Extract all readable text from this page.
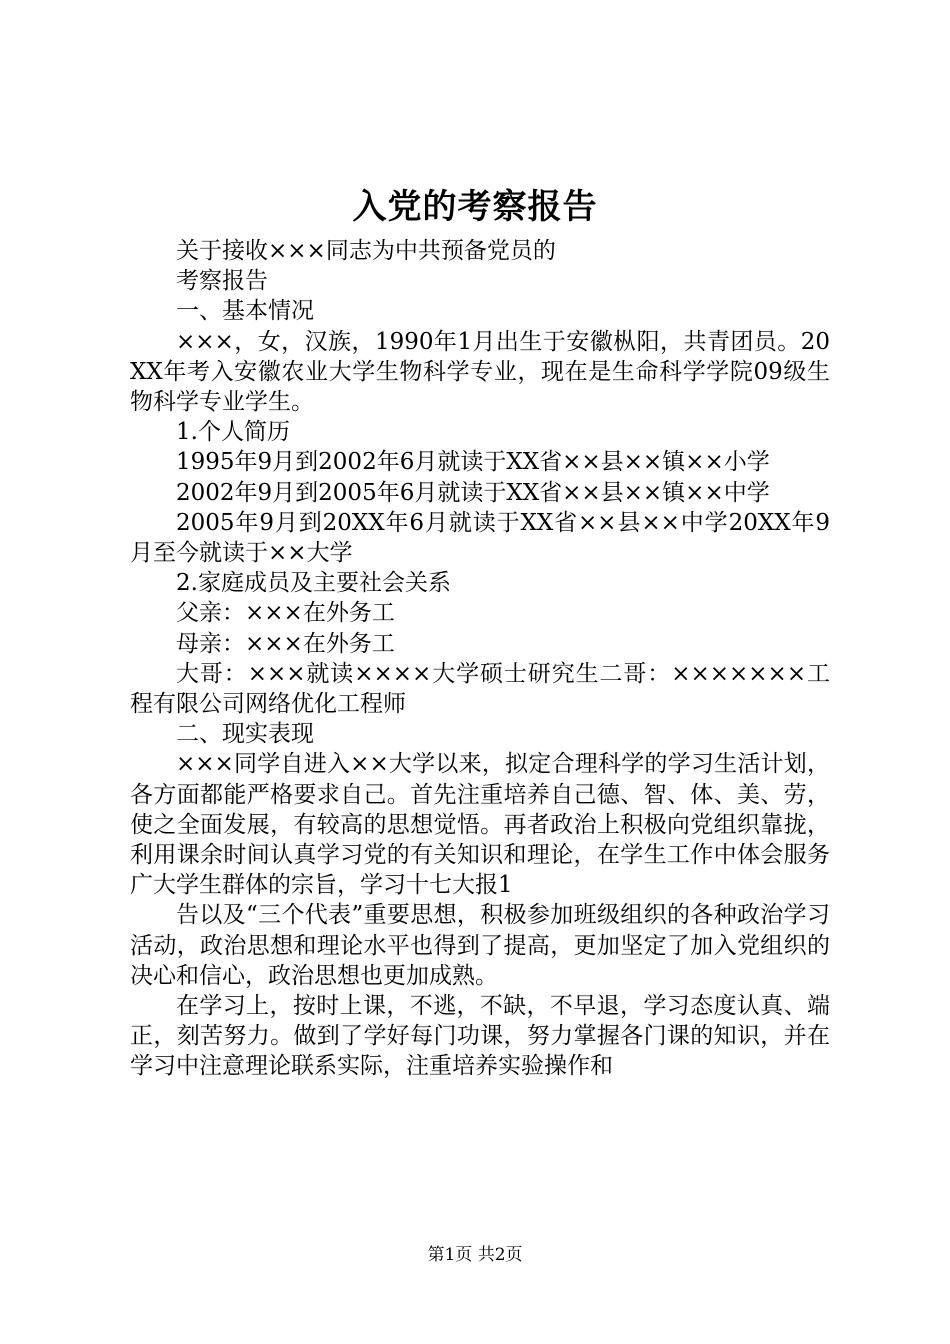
入党的考察报告

关于接收×××同志为中共预备党员的

考察报告

一、基本情况

×××，女，汉族，1990年1月出生于安徽枞阳，共青团员。20XX年考入安徽农业大学生物科学专业，现在是生命科学学院09级生物科学专业学生。

1.个人简历

1995年9月到2002年6月就读于XX省××县××镇××小学

2002年9月到2005年6月就读于XX省××县××镇××中学

2005年9月到20XX年6月就读于XX省××县××中学20XX年9月至今就读于××大学

2.家庭成员及主要社会关系

父亲：×××在外务工

母亲：×××在外务工

大哥：×××就读××××大学硕士研究生二哥：×××××××工程有限公司网络优化工程师

二、现实表现

×××同学自进入××大学以来，拟定合理科学的学习生活计划，各方面都能严格要求自己。首先注重培养自己德、智、体、美、劳，使之全面发展，有较高的思想觉悟。再者政治上积极向党组织靠拢，利用课余时间认真学习党的有关知识和理论，在学生工作中体会服务广大学生群体的宗旨，学习十七大报1

告以及“三个代表”重要思想，积极参加班级组织的各种政治学习活动，政治思想和理论水平也得到了提高，更加坚定了加入党组织的决心和信心，政治思想也更加成熟。

在学习上，按时上课，不逃，不缺，不早退，学习态度认真、端正，刻苦努力。做到了学好每门功课，努力掌握各门课的知识，并在学习中注意理论联系实际，注重培养实验操作和

第1页 共2页
